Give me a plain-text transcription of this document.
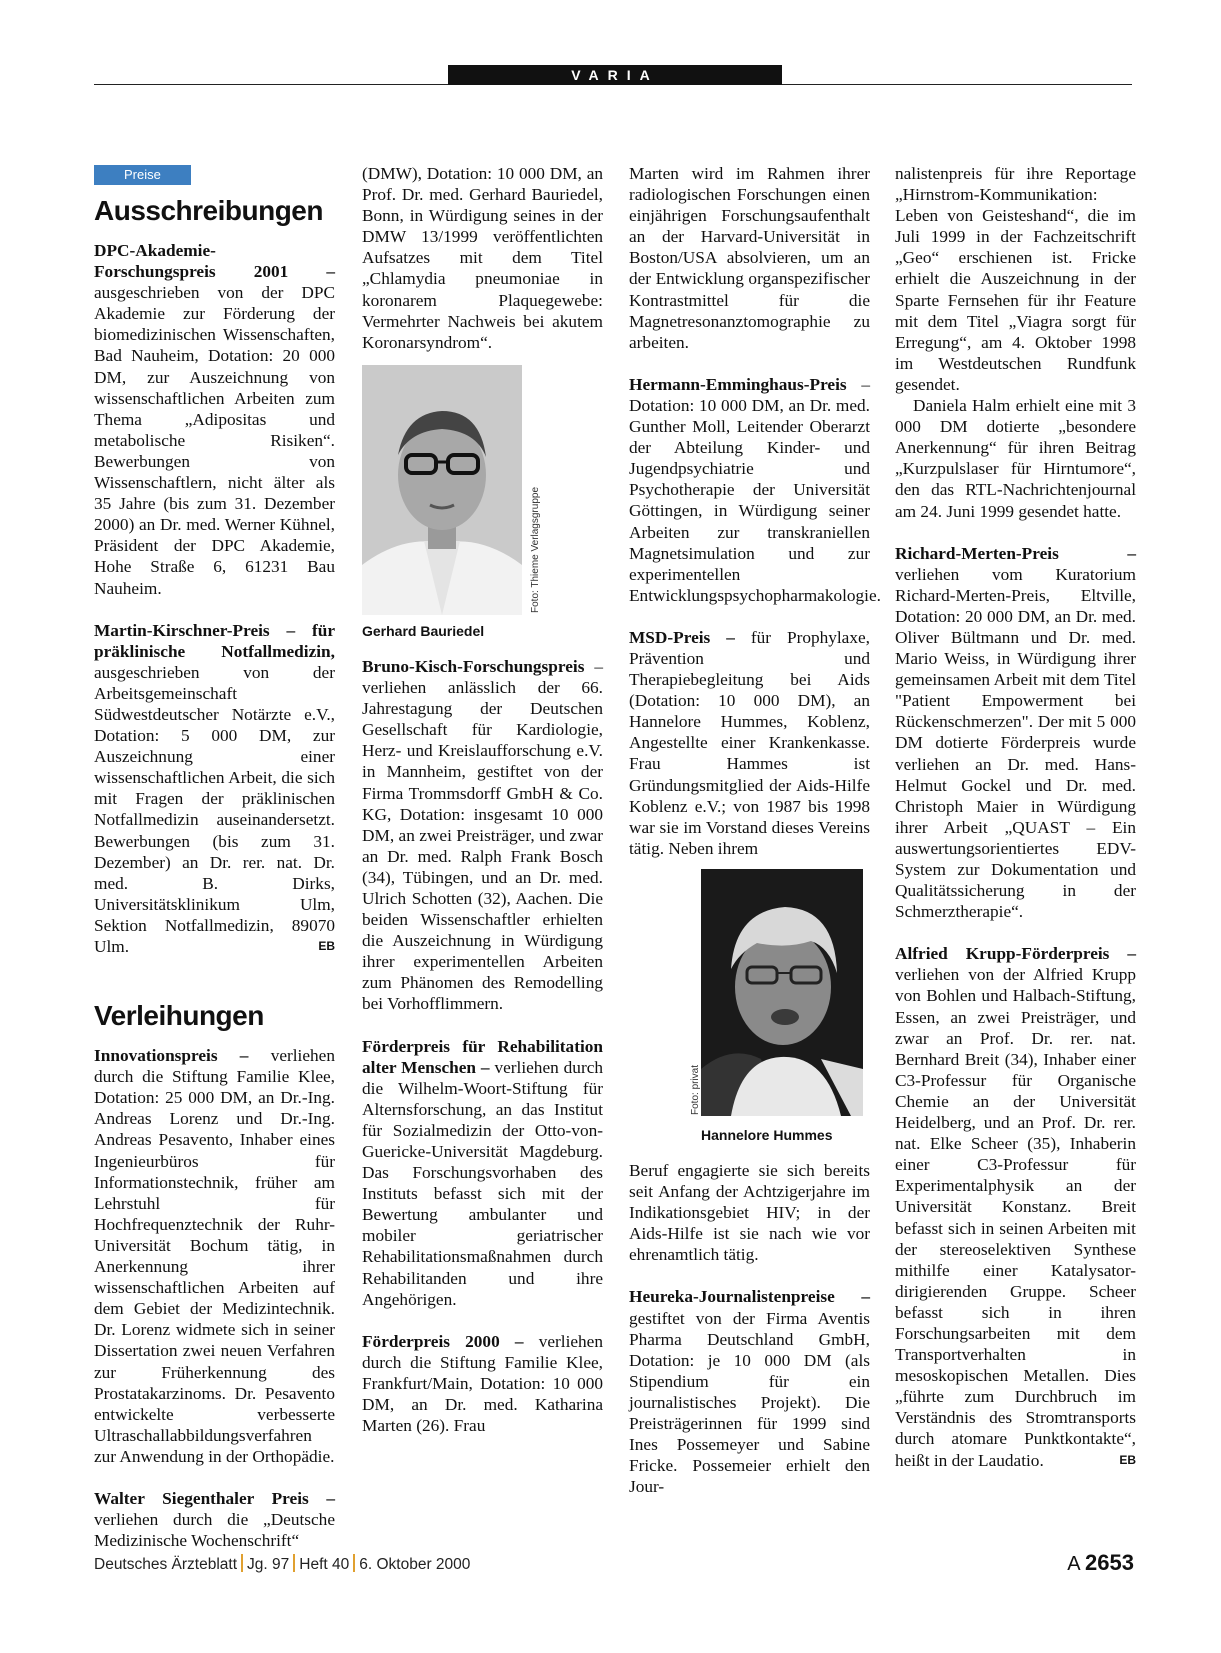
VARIA
Preise
Ausschreibungen

DPC-Akademie-Forschungspreis 2001 – ausgeschrieben von der DPC Akademie zur Förderung der biomedizinischen Wissenschaften, Bad Nauheim, Dotation: 20 000 DM, zur Auszeichnung von wissenschaftlichen Arbeiten zum Thema „Adipositas und metabolische Risiken“. Bewerbungen von Wissenschaftlern, nicht älter als 35 Jahre (bis zum 31. Dezember 2000) an Dr. med. Werner Kühnel, Präsident der DPC Akademie, Hohe Straße 6, 61231 Bau Nauheim.

Martin-Kirschner-Preis – für präklinische Notfallmedizin, ausgeschrieben von der Arbeitsgemeinschaft Südwestdeutscher Notärzte e.V., Dotation: 5 000 DM, zur Auszeichnung einer wissenschaftlichen Arbeit, die sich mit Fragen der präklinischen Notfallmedizin auseinandersetzt. Bewerbungen (bis zum 31. Dezember) an Dr. rer. nat. Dr. med. B. Dirks, Universitätsklinikum Ulm, Sektion Notfallmedizin, 89070 Ulm.	EB

Verleihungen

Innovationspreis – verliehen durch die Stiftung Familie Klee, Dotation: 25 000 DM, an Dr.-Ing. Andreas Lorenz und Dr.-Ing. Andreas Pesavento, Inhaber eines Ingenieurbüros für Informationstechnik, früher am Lehrstuhl für Hochfrequenztechnik der Ruhr-Universität Bochum tätig, in Anerkennung ihrer wissenschaftlichen Arbeiten auf dem Gebiet der Medizintechnik. Dr. Lorenz widmete sich in seiner Dissertation zwei neuen Verfahren zur Früherkennung des Prostatakarzinoms. Dr. Pesavento entwickelte verbesserte Ultraschallabbildungsverfahren zur Anwendung in der Orthopädie.

Walter Siegenthaler Preis – verliehen durch die „Deutsche Medizinische Wochenschrift“

(DMW), Dotation: 10 000 DM, an Prof. Dr. med. Gerhard Bauriedel, Bonn, in Würdigung seines in der DMW 13/1999 veröffentlichten Aufsatzes mit dem Titel „Chlamydia pneumoniae in koronarem Plaquegewebe: Vermehrter Nachweis bei akutem Koronarsyndrom“.

Foto: Thieme Verlagsgruppe
Gerhard Bauriedel

Bruno-Kisch-Forschungspreis – verliehen anlässlich der 66. Jahrestagung der Deutschen Gesellschaft für Kardiologie, Herz- und Kreislaufforschung e.V. in Mannheim, gestiftet von der Firma Trommsdorff GmbH & Co. KG, Dotation: insgesamt 10 000 DM, an zwei Preisträger, und zwar an Dr. med. Ralph Frank Bosch (34), Tübingen, und an Dr. med. Ulrich Schotten (32), Aachen. Die beiden Wissenschaftler erhielten die Auszeichnung in Würdigung ihrer experimentellen Arbeiten zum Phänomen des Remodelling bei Vorhofflimmern.

Förderpreis für Rehabilitation alter Menschen – verliehen durch die Wilhelm-Woort-Stiftung für Alternsforschung, an das Institut für Sozialmedizin der Otto-von-Guericke-Universität Magdeburg. Das Forschungsvorhaben des Instituts befasst sich mit der Bewertung ambulanter und mobiler geriatrischer Rehabilitationsmaßnahmen durch Rehabilitanden und ihre Angehörigen.

Förderpreis 2000 – verliehen durch die Stiftung Familie Klee, Frankfurt/Main, Dotation: 10 000 DM, an Dr. med. Katharina Marten (26). Frau

Marten wird im Rahmen ihrer radiologischen Forschungen einen einjährigen Forschungsaufenthalt an der Harvard-Universität in Boston/USA absolvieren, um an der Entwicklung organspezifischer Kontrastmittel für die Magnetresonanztomographie zu arbeiten.

Hermann-Emminghaus-Preis – Dotation: 10 000 DM, an Dr. med. Gunther Moll, Leitender Oberarzt der Abteilung Kinder- und Jugendpsychiatrie und Psychotherapie der Universität Göttingen, in Würdigung seiner Arbeiten zur transkraniellen Magnetsimulation und zur experimentellen Entwicklungspsychopharmakologie.

MSD-Preis – für Prophylaxe, Prävention und Therapiebegleitung bei Aids (Dotation: 10 000 DM), an Hannelore Hummes, Koblenz, Angestellte einer Krankenkasse. Frau Hammes ist Gründungsmitglied der Aids-Hilfe Koblenz e.V.; von 1987 bis 1998 war sie im Vorstand dieses Vereins tätig. Neben ihrem

Foto: privat
Hannelore Hummes

Beruf engagierte sie sich bereits seit Anfang der Achtzigerjahre im Indikationsgebiet HIV; in der Aids-Hilfe ist sie nach wie vor ehrenamtlich tätig.

Heureka-Journalistenpreise – gestiftet von der Firma Aventis Pharma Deutschland GmbH, Dotation: je 10 000 DM (als Stipendium für ein journalistisches Projekt). Die Preisträgerinnen für 1999 sind Ines Possemeyer und Sabine Fricke. Possemeier erhielt den Jour-

nalistenpreis für ihre Reportage „Hirnstrom-Kommunikation: Leben von Geisteshand“, die im Juli 1999 in der Fachzeitschrift „Geo“ erschienen ist. Fricke erhielt die Auszeichnung in der Sparte Fernsehen für ihr Feature mit dem Titel „Viagra sorgt für Erregung“, am 4. Oktober 1998 im Westdeutschen Rundfunk gesendet.

Daniela Halm erhielt eine mit 3 000 DM dotierte „besondere Anerkennung“ für ihren Beitrag „Kurzpulslaser für Hirntumore“, den das RTL-Nachrichtenjournal am 24. Juni 1999 gesendet hatte.

Richard-Merten-Preis – verliehen vom Kuratorium Richard-Merten-Preis, Eltville, Dotation: 20 000 DM, an Dr. med. Oliver Bültmann und Dr. med. Mario Weiss, in Würdigung ihrer gemeinsamen Arbeit mit dem Titel "Patient Empowerment bei Rückenschmerzen". Der mit 5 000 DM dotierte Förderpreis wurde verliehen an Dr. med. Hans-Helmut Gockel und Dr. med. Christoph Maier in Würdigung ihrer Arbeit „QUAST – Ein auswertungsorientiertes EDV-System zur Dokumentation und Qualitätssicherung in der Schmerztherapie“.

Alfried Krupp-Förderpreis – verliehen von der Alfried Krupp von Bohlen und Halbach-Stiftung, Essen, an zwei Preisträger, und zwar an Prof. Dr. rer. nat. Bernhard Breit (34), Inhaber einer C3-Professur für Organische Chemie an der Universität Heidelberg, und an Prof. Dr. rer. nat. Elke Scheer (35), Inhaberin einer C3-Professur für Experimentalphysik an der Universität Konstanz. Breit befasst sich in seinen Arbeiten mit der stereoselektiven Synthese mithilfe einer Katalysator-dirigierenden Gruppe. Scheer befasst sich in ihren Forschungsarbeiten mit dem Transportverhalten in mesoskopischen Metallen. Dies „führte zum Durchbruch im Verständnis des Stromtransports durch atomare Punktkontakte“, heißt in der Laudatio.	EB

Deutsches Ärzteblatt Jg. 97 Heft 40 6. Oktober 2000	A 2653
